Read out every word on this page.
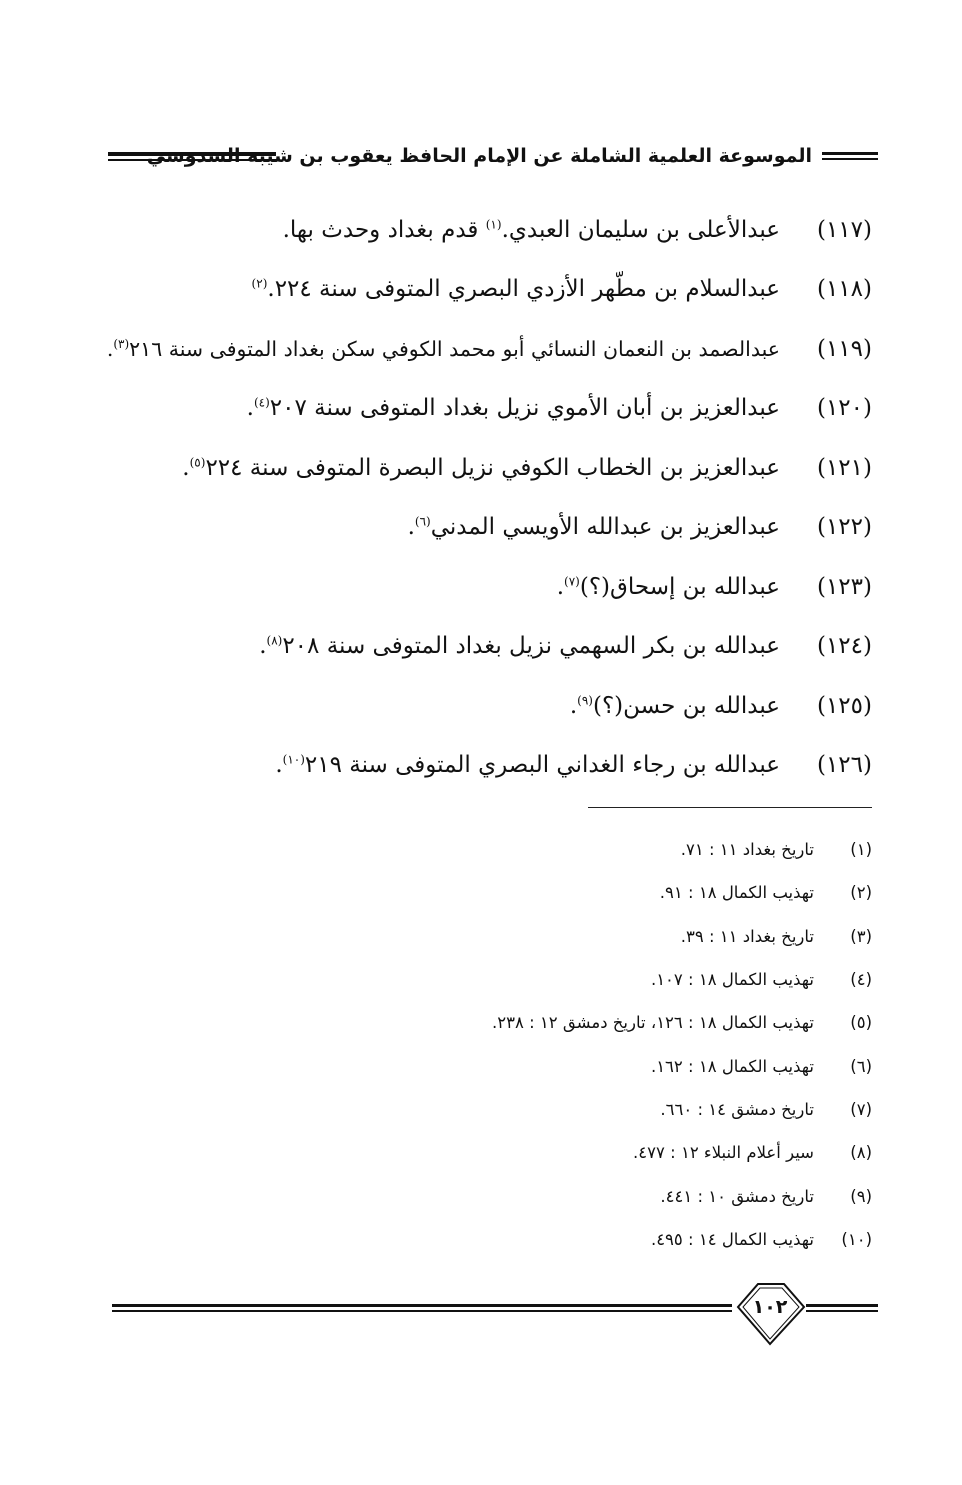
الموسوعة العلمية الشاملة عن الإمام الحافظ يعقوب بن شيبة السدوسي
(١١٧)
عبدالأعلى بن سليمان العبدي.$^{(١)}$ قدم بغداد وحدث بها.
(١١٨)
عبدالسلام بن مطّهر الأزدي البصري المتوفى سنة ٢٢٤.$^{(٢)}$
(١١٩)
عبدالصمد بن النعمان النسائي أبو محمد الكوفي سكن بغداد المتوفى سنة ٢١٦$^{(٣)}$.
(١٢٠)
عبدالعزيز بن أبان الأموي نزيل بغداد المتوفى سنة ٢٠٧$^{(٤)}$.
(١٢١)
عبدالعزيز بن الخطاب الكوفي نزيل البصرة المتوفى سنة ٢٢٤$^{(٥)}$.
(١٢٢)
عبدالعزيز بن عبدالله الأويسي المدني$^{(٦)}$.
(١٢٣)
عبدالله بن إسحاق(؟)$^{(٧)}$.
(١٢٤)
عبدالله بن بكر السهمي نزيل بغداد المتوفى سنة ٢٠٨$^{(٨)}$.
(١٢٥)
عبدالله بن حسن(؟)$^{(٩)}$.
(١٢٦)
عبدالله بن رجاء الغداني البصري المتوفى سنة ٢١٩$^{(١٠)}$.
(١)
تاريخ بغداد ١١ : ٧١.
(٢)
تهذيب الكمال ١٨ : ٩١.
(٣)
تاريخ بغداد ١١ : ٣٩.
(٤)
تهذيب الكمال ١٨ : ١٠٧.
(٥)
تهذيب الكمال ١٨ : ١٢٦، تاريخ دمشق ١٢ : ٢٣٨.
(٦)
تهذيب الكمال ١٨ : ١٦٢.
(٧)
تاريخ دمشق ١٤ : ٦٦٠.
(٨)
سير أعلام النبلاء ١٢ : ٤٧٧.
(٩)
تاريخ دمشق ١٠ : ٤٤١.
(١٠)
تهذيب الكمال ١٤ : ٤٩٥.
١٠٢
